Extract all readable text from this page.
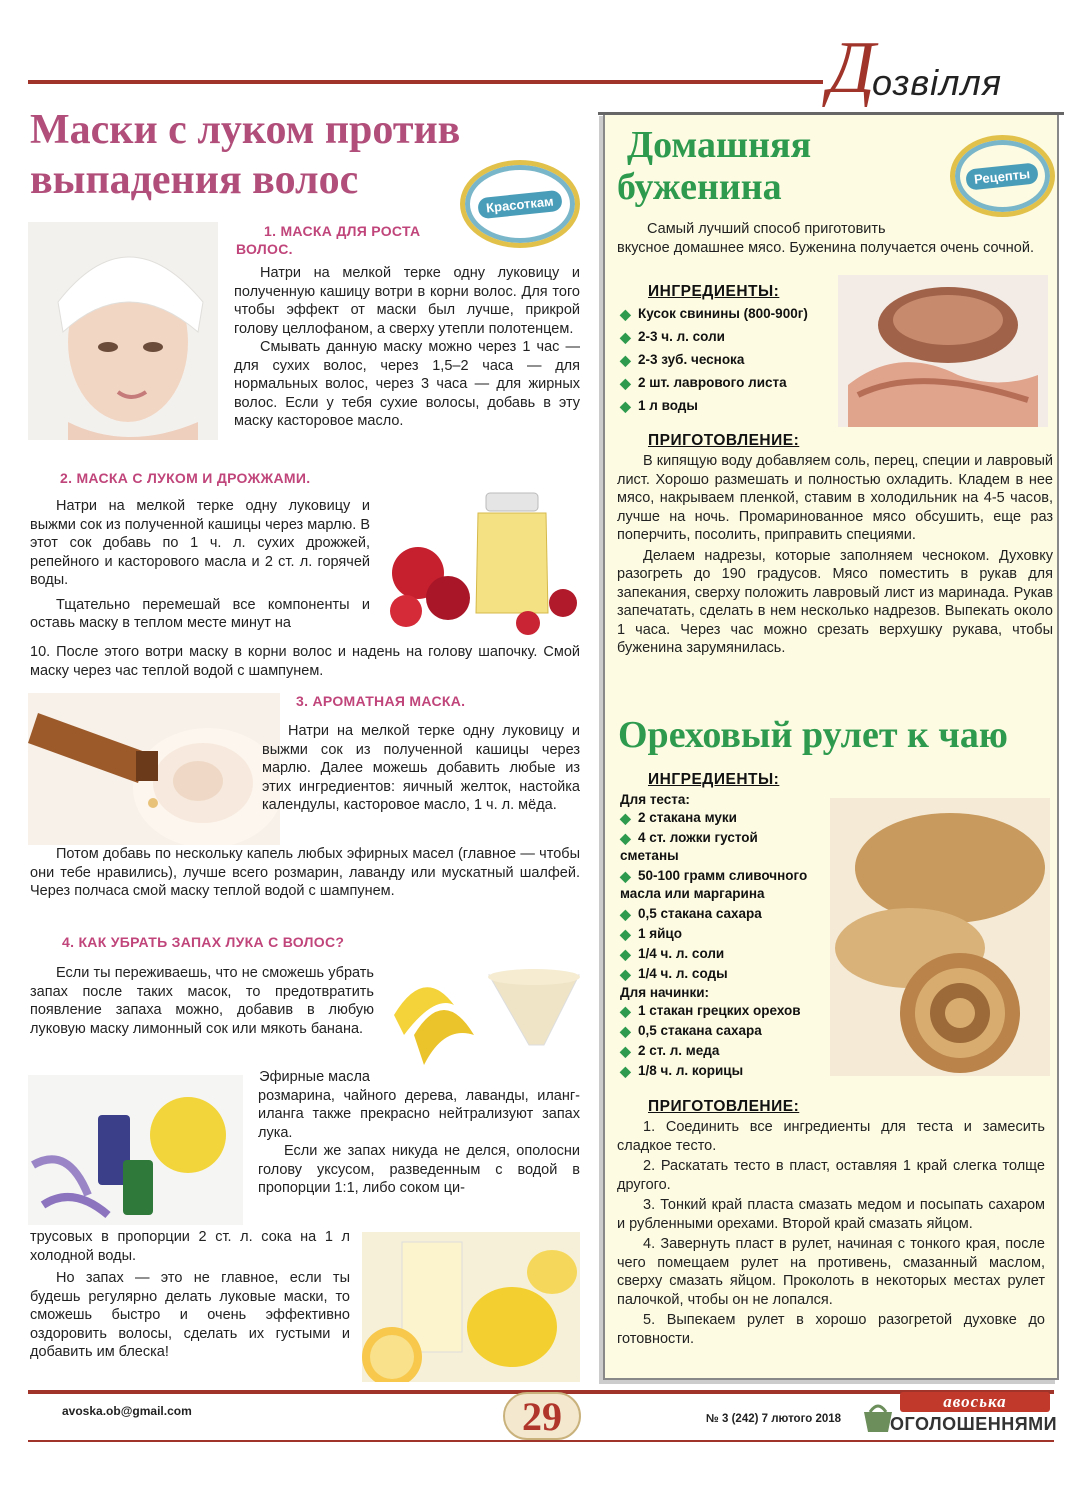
Д
озвілля
Маски с луком против
выпадения волос
Красоткам
1. МАСКА ДЛЯ РОСТА
ВОЛОС.

Натри на мелкой терке одну луковицу и полученную кашицу вотри в корни волос. Для того чтобы эффект от маски был лучше, прикрой голову целлофаном, а сверху утепли полотенцем.

Смывать данную маску можно через 1 час — для сухих волос, через 1,5–2 часа — для нормальных волос, через 3 часа — для жирных волос. Если у тебя сухие волосы, добавь в эту маску касторовое масло.

2. МАСКА С ЛУКОМ И ДРОЖЖАМИ.

Натри на мелкой терке одну луковицу и выжми сок из полученной кашицы через марлю. В этот сок добавь по 1 ч. л. сухих дрожжей, репейного и касторового масла и 2 ст. л. горячей воды.

Тщательно перемешай все компоненты и оставь маску в теплом месте минут на

10. После этого вотри маску в корни волос и надень на голову шапочку. Смой маску через час теплой водой с шампунем.
3. АРОМАТНАЯ МАСКА.

Натри на мелкой терке одну луковицу и выжми сок из полученной кашицы через марлю. Далее можешь добавить любые из этих ингредиентов: яичный желток, настойка календулы, касторовое масло, 1 ч. л. мёда.

Потом добавь по нескольку капель любых эфирных масел (главное — чтобы они тебе нравились), лучше всего розмарин, лаванду или мускатный шалфей. Через полчаса смой маску теплой водой с шампунем.

4. КАК УБРАТЬ ЗАПАХ ЛУКА С ВОЛОС?

Если ты переживаешь, что не сможешь убрать запах после таких масок, то предотвратить появление запаха можно, добавив в любую луковую маску лимонный сок или мякоть банана.

Эфирные масла

розмарина, чайного дерева, лаванды, иланг-иланга также прекрасно нейтрализуют запах лука.

Если же запах никуда не делся, ополосни голову уксусом, разведенным с водой в пропорции 1:1, либо соком ци-

трусовых в пропорции 2 ст. л. сока на 1 л холодной воды.

Но запах — это не главное, если ты будешь регулярно делать луковые маски, то сможешь быстро и очень эффективно оздоровить волосы, сделать их густыми и добавить им блеска!

Домашняя
буженина	Рецепты

Самый лучший способ приготовить

вкусное домашнее мясо. Буженина получается очень сочной.

ИНГРЕДИЕНТЫ:
◆ Кусок свинины (800-900г)
◆ 2-3 ч. л. соли
◆ 2-3 зуб. чеснока
◆ 2 шт. лаврового листа
◆ 1 л воды
ПРИГОТОВЛЕНИЕ:

В кипящую воду добавляем соль, перец, специи и лавровый лист. Хорошо размешать и полностью охладить. Кладем в нее мясо, накрываем пленкой, ставим в холодильник на 4-5 часов, лучше на ночь. Промаринованное мясо обсушить, еще раз поперчить, посолить, приправить специями.

Делаем надрезы, которые заполняем чесноком. Духовку разогреть до 190 градусов. Мясо поместить в рукав для запекания, сверху положить лавровый лист из маринада. Рукав запечатать, сделать в нем несколько надрезов. Выпекать около 1 часа. Через час можно срезать верхушку рукава, чтобы буженина зарумянилась.

Ореховый рулет к чаю
ИНГРЕДИЕНТЫ:
Для теста:
◆ 2 стакана муки
◆ 4 ст. ложки густой
сметаны
◆ 50-100 грамм сливочного
масла или маргарина
◆ 0,5 стакана сахара
◆ 1 яйцо
◆ 1/4 ч. л. соли
◆ 1/4 ч. л. соды
Для начинки:
◆ 1 стакан грецких орехов
◆ 0,5 стакана сахара
◆ 2 ст. л. меда
◆ 1/8 ч. л. корицы
ПРИГОТОВЛЕНИЕ:

1. Соединить все ингредиенты для теста и замесить сладкое тесто.

2. Раскатать тесто в пласт, оставляя 1 край слегка толще другого.

3. Тонкий край пласта смазать медом и посыпать сахаром и рубленными орехами. Второй край смазать яйцом.

4. Завернуть пласт в рулет, начиная с тонкого края, после чего помещаем рулет на противень, смазанный маслом, сверху смазать яйцом. Проколоть в некоторых местах рулет палочкой, чтобы он не лопался.

5. Выпекаем рулет в хорошо разогретой духовке до готовности.

avoska.ob@gmail.com	29	№ 3 (242) 7 лютого 2018
авоська
ОГОЛОШЕННЯМИ
